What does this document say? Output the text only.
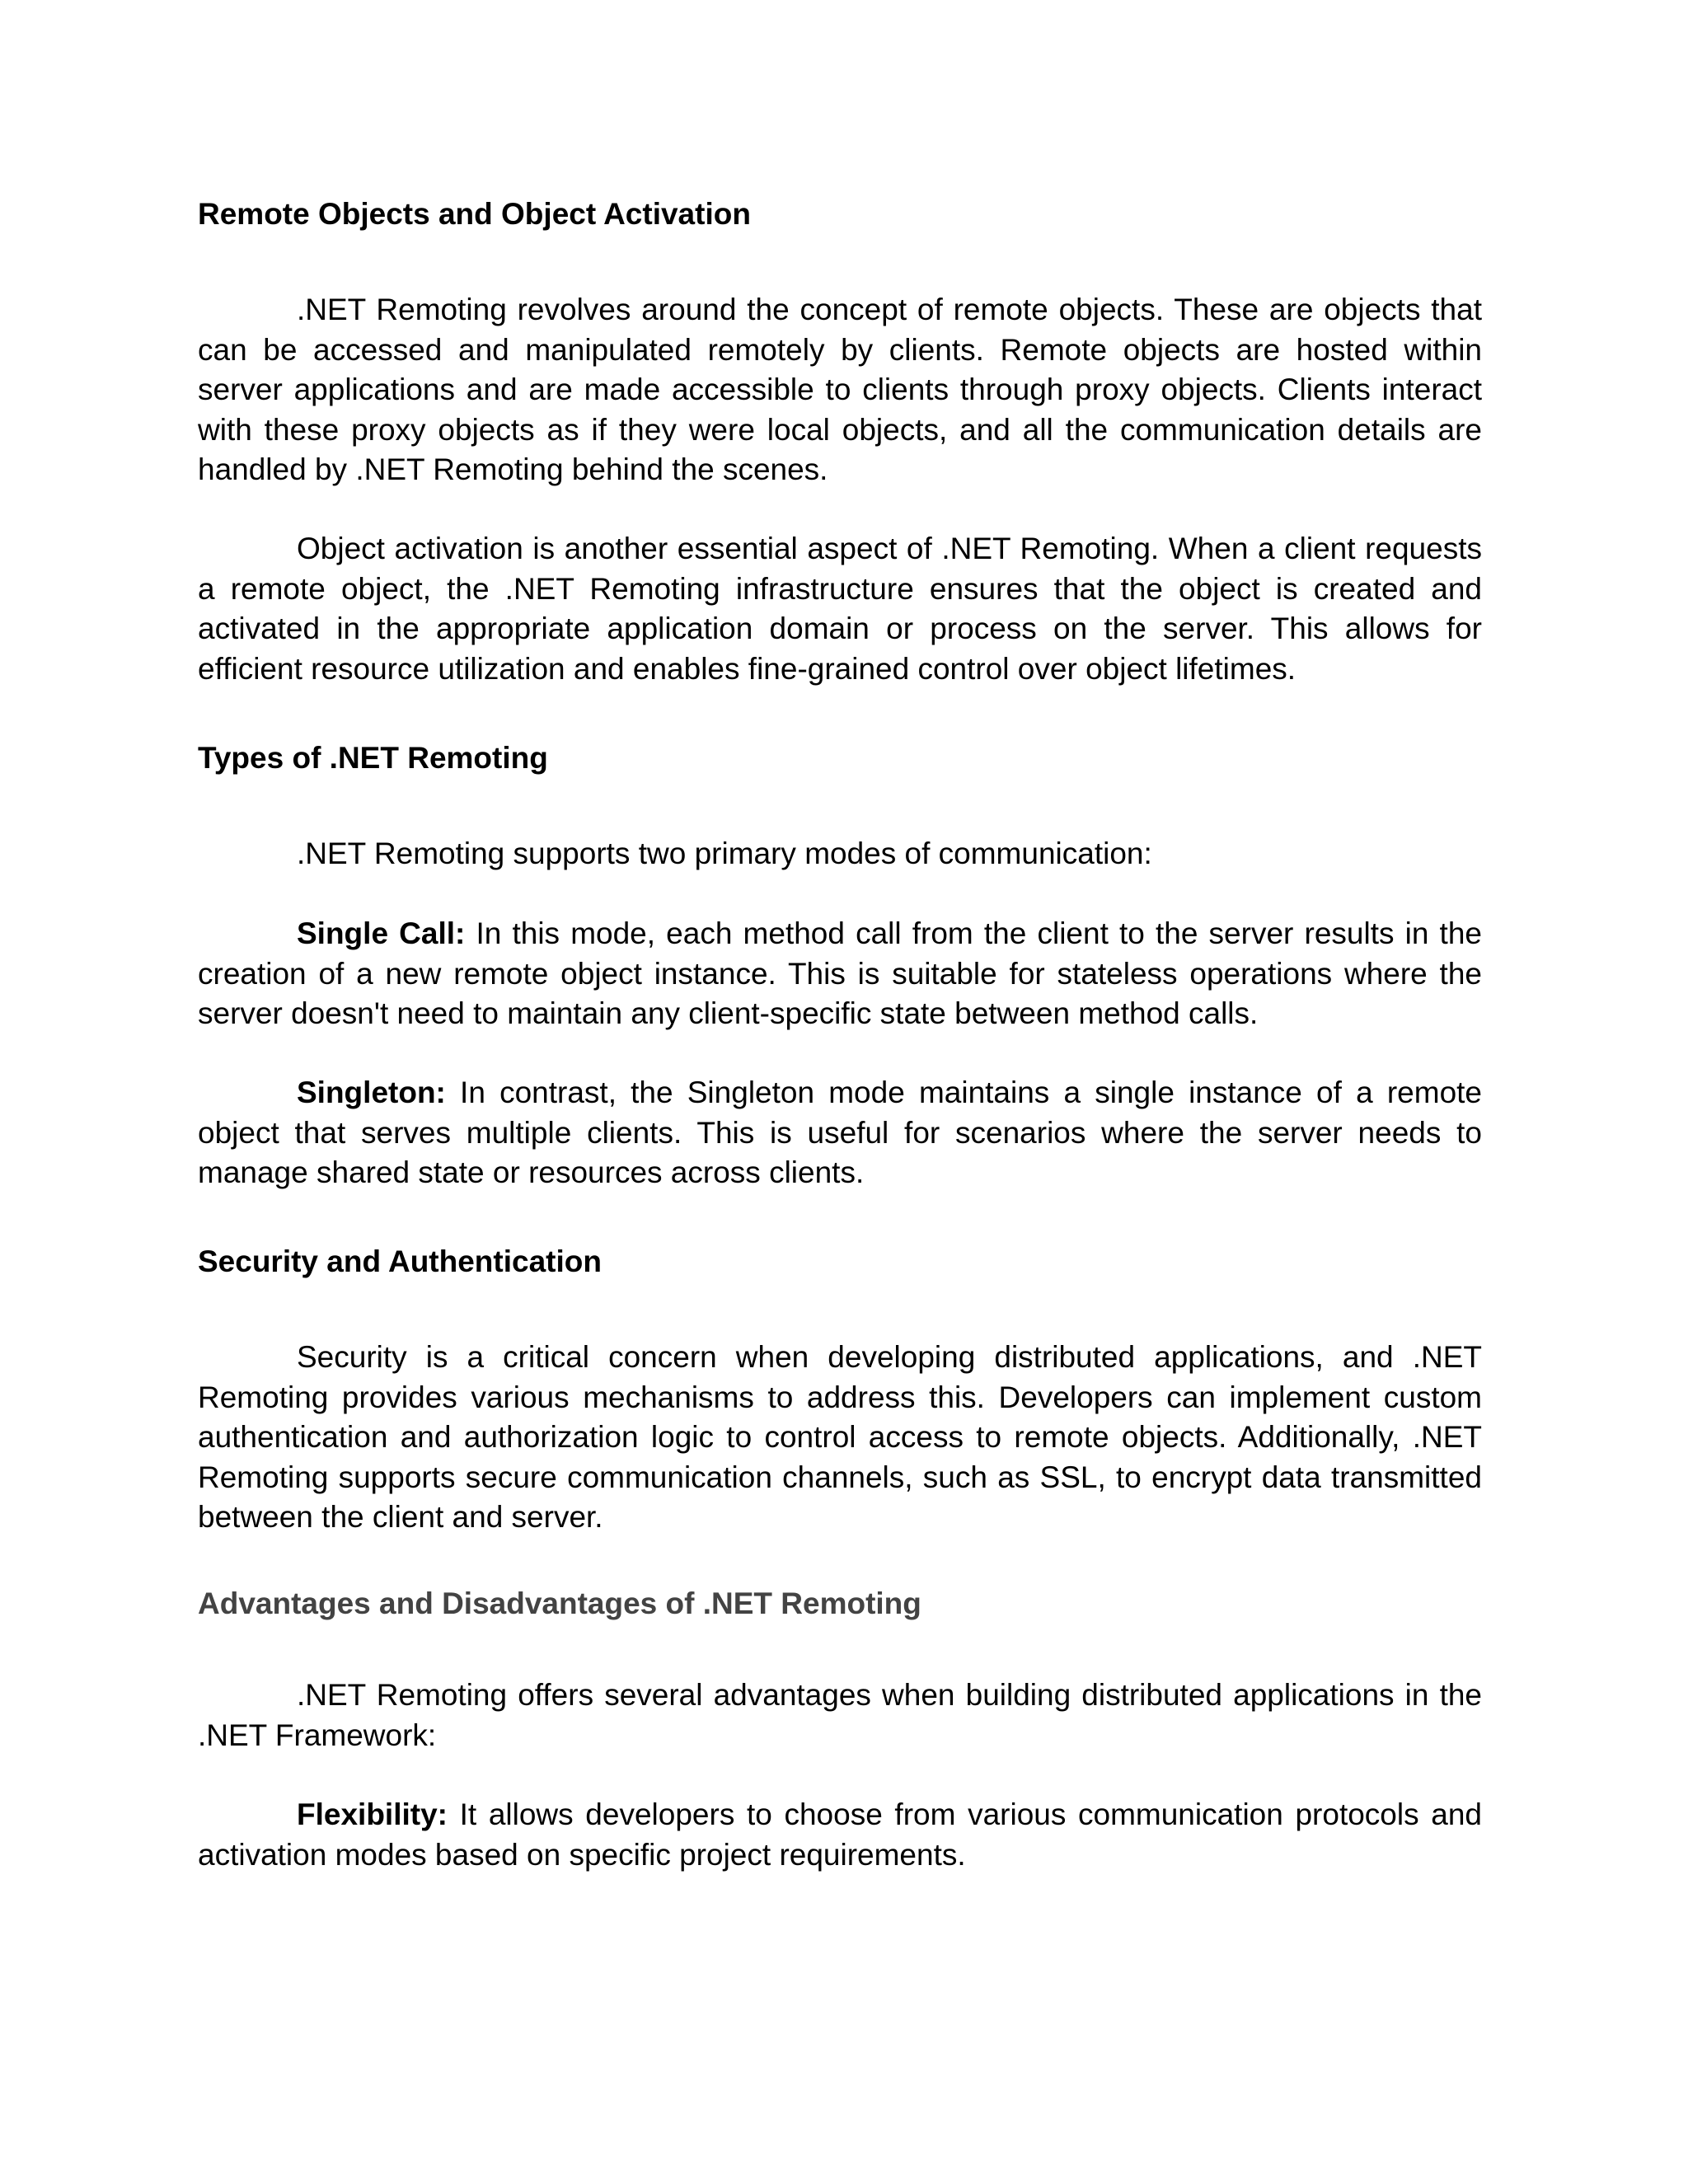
Remote Objects and Object Activation

.NET Remoting revolves around the concept of remote objects. These are objects that can be accessed and manipulated remotely by clients. Remote objects are hosted within server applications and are made accessible to clients through proxy objects. Clients interact with these proxy objects as if they were local objects, and all the communication details are handled by .NET Remoting behind the scenes.

Object activation is another essential aspect of .NET Remoting. When a client requests a remote object, the .NET Remoting infrastructure ensures that the object is created and activated in the appropriate application domain or process on the server. This allows for efficient resource utilization and enables fine-grained control over object lifetimes.

Types of .NET Remoting

.NET Remoting supports two primary modes of communication:

Single Call: In this mode, each method call from the client to the server results in the creation of a new remote object instance. This is suitable for stateless operations where the server doesn't need to maintain any client-specific state between method calls.

Singleton: In contrast, the Singleton mode maintains a single instance of a remote object that serves multiple clients. This is useful for scenarios where the server needs to manage shared state or resources across clients.

Security and Authentication

Security is a critical concern when developing distributed applications, and .NET Remoting provides various mechanisms to address this. Developers can implement custom authentication and authorization logic to control access to remote objects. Additionally, .NET Remoting supports secure communication channels, such as SSL, to encrypt data transmitted between the client and server.

Advantages and Disadvantages of .NET Remoting

.NET Remoting offers several advantages when building distributed applications in the .NET Framework:

Flexibility: It allows developers to choose from various communication protocols and activation modes based on specific project requirements.
